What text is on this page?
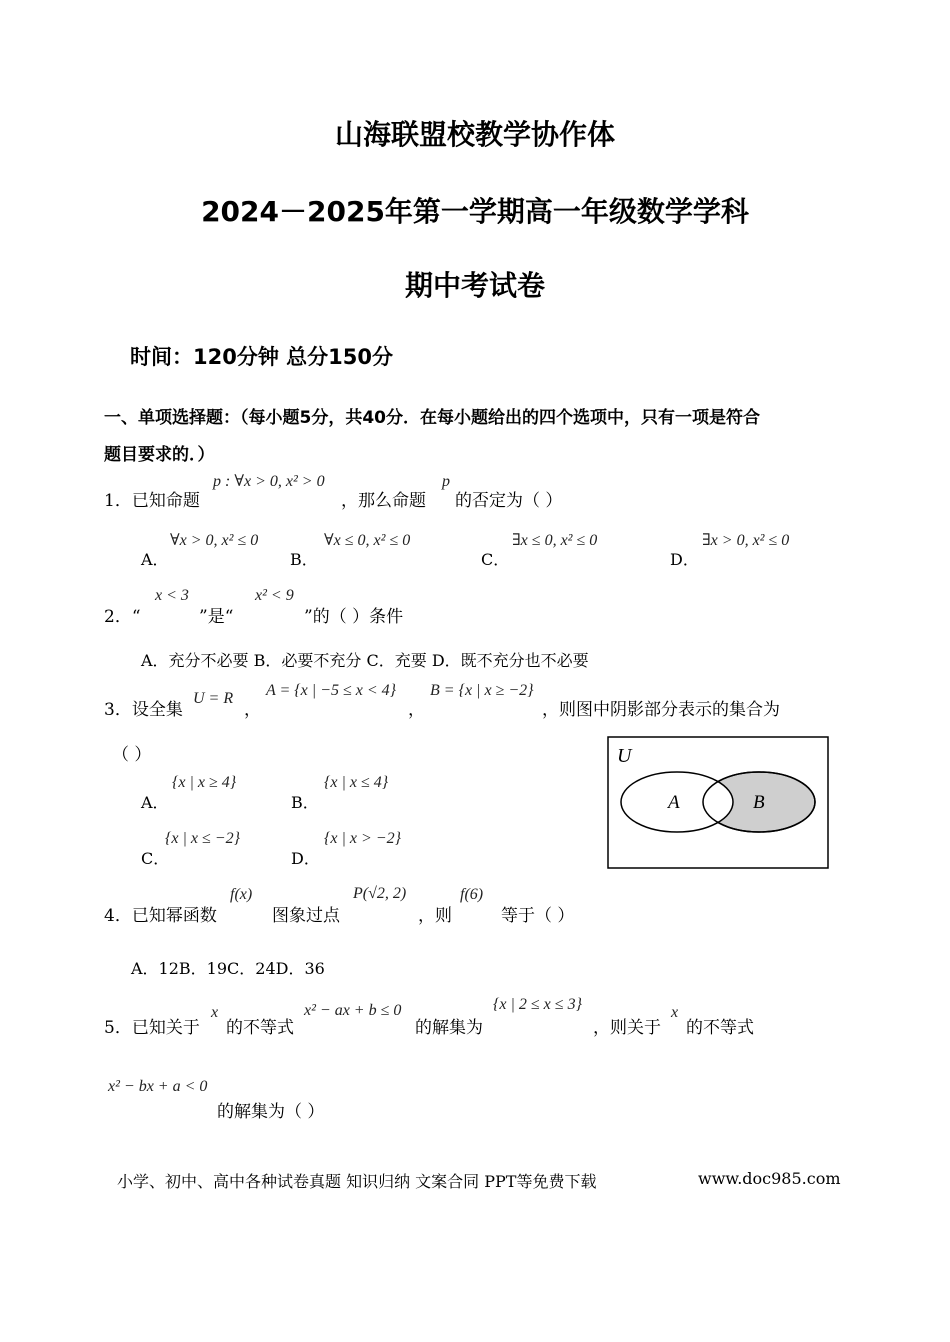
山海联盟校教学协作体
2024－2025年第一学期高一年级数学学科
期中考试卷
时间：120分钟 总分150分
一、单项选择题：（每小题5分，共40分．在每小题给出的四个选项中，只有一项是符合
题目要求的．）
1．已知命题
p : ∀x > 0, x² > 0
，那么命题
p
的否定为（ ）
A．
∀x > 0, x² ≤ 0
B．
∀x ≤ 0, x² ≤ 0
C．
∃x ≤ 0, x² ≤ 0
D．
∃x > 0, x² ≤ 0
2．“
x < 3
”是“
x² < 9
”的（ ）条件
A．充分不必要 B．必要不充分 C．充要 D．既不充分也不必要
3．设全集
U = R
，
A = {x | −5 ≤ x < 4}
，
B = {x | x ≥ −2}
，则图中阴影部分表示的集合为
（ ）
A．
{x | x ≥ 4}
B．
{x | x ≤ 4}
C．
{x | x ≤ −2}
D．
{x | x > −2}
U
A	B
4．已知幂函数
f(x)
图象过点
P(√2, 2)
，则
f(6)
等于（ ）
A．12B．19C．24D．36
5．已知关于
x
的不等式
x² − ax + b ≤ 0
的解集为
{x | 2 ≤ x ≤ 3}
，则关于
x
的不等式
x² − bx + a < 0
的解集为（ ）
小学、初中、高中各种试卷真题 知识归纳 文案合同 PPT等免费下载	www.doc985.com
